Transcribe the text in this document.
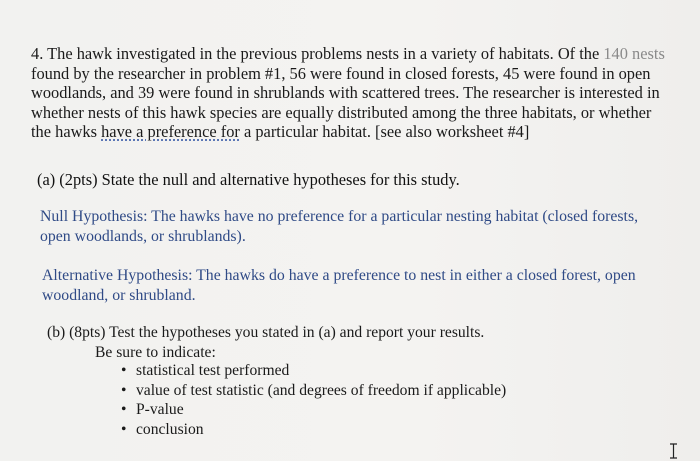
4. The hawk investigated in the previous problems nests in a variety of habitats. Of the 140 nests
found by the researcher in problem #1, 56 were found in closed forests, 45 were found in open
woodlands, and 39 were found in shrublands with scattered trees. The researcher is interested in
whether nests of this hawk species are equally distributed among the three habitats, or whether
the hawks have a preference for a particular habitat. [see also worksheet #4]
(a) (2pts) State the null and alternative hypotheses for this study.
Null Hypothesis: The hawks have no preference for a particular nesting habitat (closed forests,
open woodlands, or shrublands).
Alternative Hypothesis: The hawks do have a preference to nest in either a closed forest, open
woodland, or shrubland.
(b) (8pts) Test the hypotheses you stated in (a) and report your results.
Be sure to indicate:
• statistical test performed
• value of test statistic (and degrees of freedom if applicable)
• P-value
• conclusion
